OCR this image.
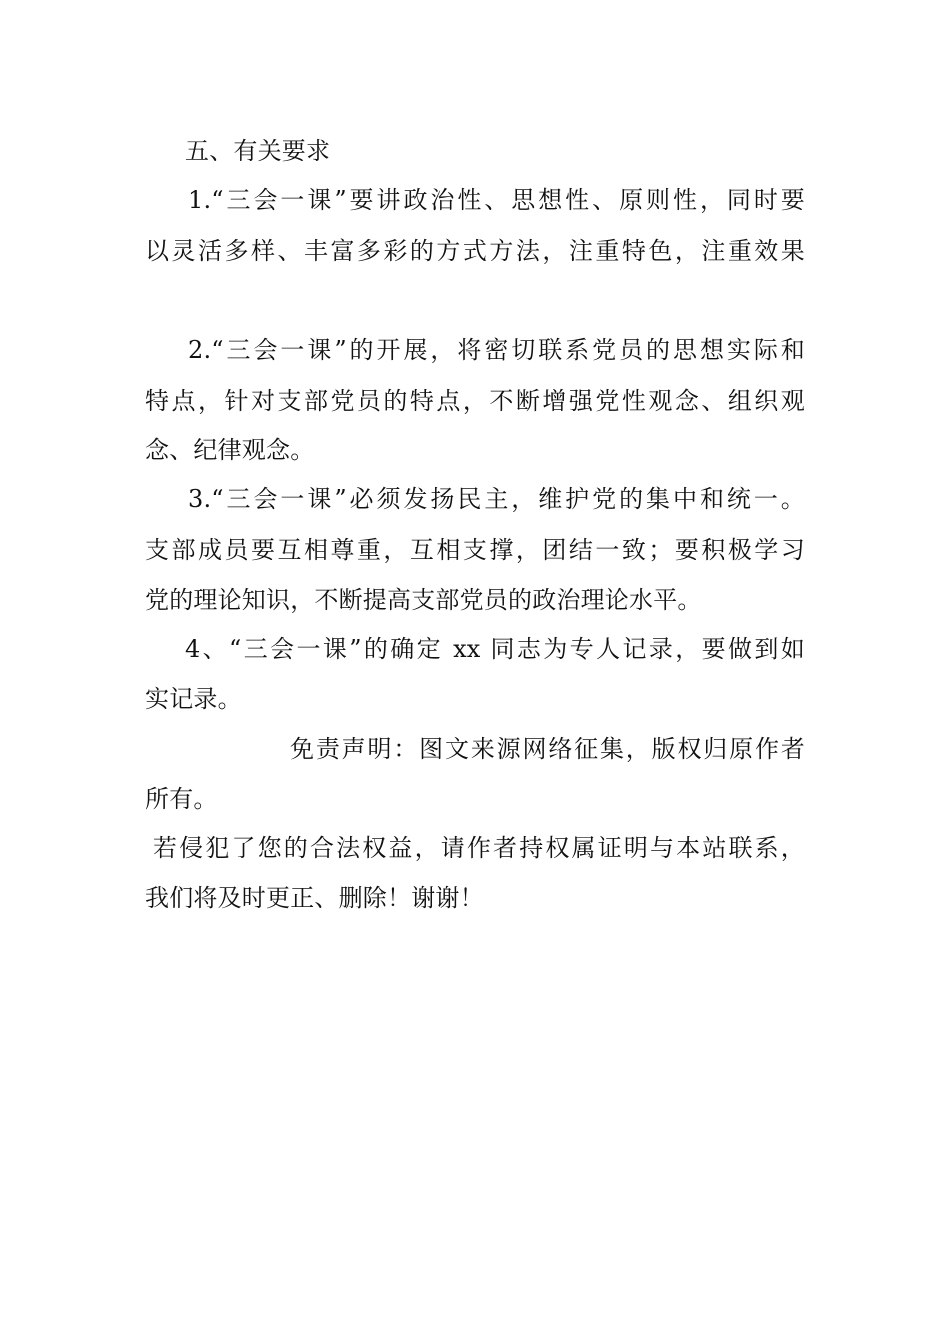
五、有关要求
1.“三会一课”要讲政治性、思想性、原则性，同时要
以灵活多样、丰富多彩的方式方法，注重特色，注重效果
2.“三会一课”的开展，将密切联系党员的思想实际和
特点，针对支部党员的特点，不断增强党性观念、组织观
念、纪律观念。
3.“三会一课”必须发扬民主，维护党的集中和统一。
支部成员要互相尊重，互相支撑，团结一致；要积极学习
党的理论知识，不断提高支部党员的政治理论水平。
4、“三会一课”的确定 xx 同志为专人记录，要做到如
实记录。
免责声明：图文来源网络征集，版权归原作者
所有。
若侵犯了您的合法权益，请作者持权属证明与本站联系，
我们将及时更正、删除！谢谢！
